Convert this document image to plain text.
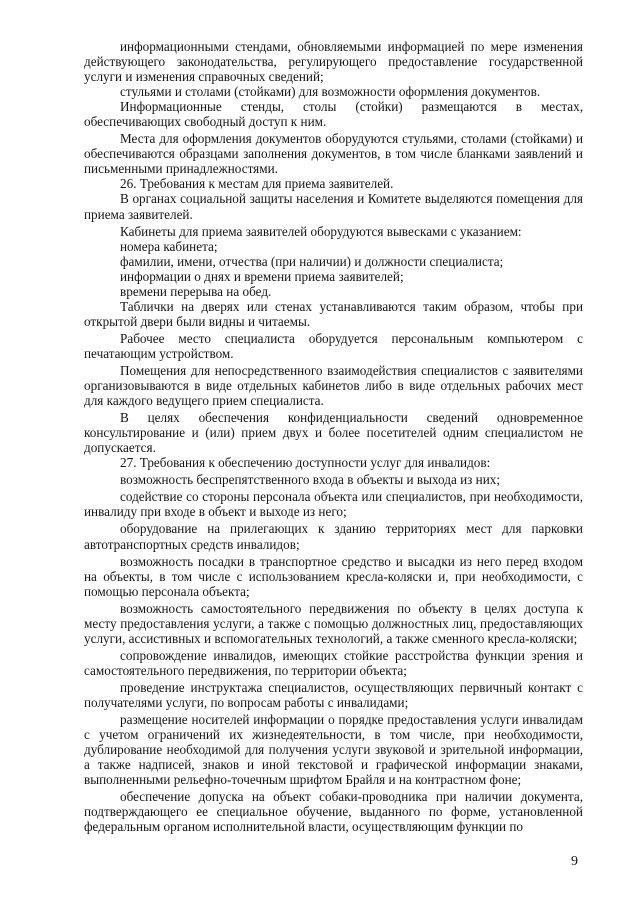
информационными стендами, обновляемыми информацией по мере изменения действующего законодательства, регулирующего предоставление государственной услуги и изменения справочных сведений;

стульями и столами (стойками) для возможности оформления документов.

Информационные стенды, столы (стойки) размещаются в местах, обеспечивающих свободный доступ к ним.

Места для оформления документов оборудуются стульями, столами (стойками) и обеспечиваются образцами заполнения документов, в том числе бланками заявлений и письменными принадлежностями.

26. Требования к местам для приема заявителей.

В органах социальной защиты населения и Комитете выделяются помещения для приема заявителей.

Кабинеты для приема заявителей оборудуются вывесками с указанием:

номера кабинета;

фамилии, имени, отчества (при наличии) и должности специалиста;

информации о днях и времени приема заявителей;

времени перерыва на обед.

Таблички на дверях или стенах устанавливаются таким образом, чтобы при открытой двери были видны и читаемы.

Рабочее место специалиста оборудуется персональным компьютером с печатающим устройством.

Помещения для непосредственного взаимодействия специалистов с заявителями организовываются в виде отдельных кабинетов либо в виде отдельных рабочих мест для каждого ведущего прием специалиста.

В целях обеспечения конфиденциальности сведений одновременное консультирование и (или) прием двух и более посетителей одним специалистом не допускается.

27. Требования к обеспечению доступности услуг для инвалидов:

возможность беспрепятственного входа в объекты и выхода из них;

содействие со стороны персонала объекта или специалистов, при необходимости, инвалиду при входе в объект и выходе из него;

оборудование на прилегающих к зданию территориях мест для парковки автотранспортных средств инвалидов;

возможность посадки в транспортное средство и высадки из него перед входом на объекты, в том числе с использованием кресла-коляски и, при необходимости, с помощью персонала объекта;

возможность самостоятельного передвижения по объекту в целях доступа к месту предоставления услуги, а также с помощью должностных лиц, предоставляющих услуги, ассистивных и вспомогательных технологий, а также сменного кресла-коляски;

сопровождение инвалидов, имеющих стойкие расстройства функции зрения и самостоятельного передвижения, по территории объекта;

проведение инструктажа специалистов, осуществляющих первичный контакт с получателями услуги, по вопросам работы с инвалидами;

размещение носителей информации о порядке предоставления услуги инвалидам с учетом ограничений их жизнедеятельности, в том числе, при необходимости, дублирование необходимой для получения услуги звуковой и зрительной информации, а также надписей, знаков и иной текстовой и графической информации знаками, выполненными рельефно-точечным шрифтом Брайля и на контрастном фоне;

обеспечение допуска на объект собаки-проводника при наличии документа, подтверждающего ее специальное обучение, выданного по форме, установленной федеральным органом исполнительной власти, осуществляющим функции по

9
